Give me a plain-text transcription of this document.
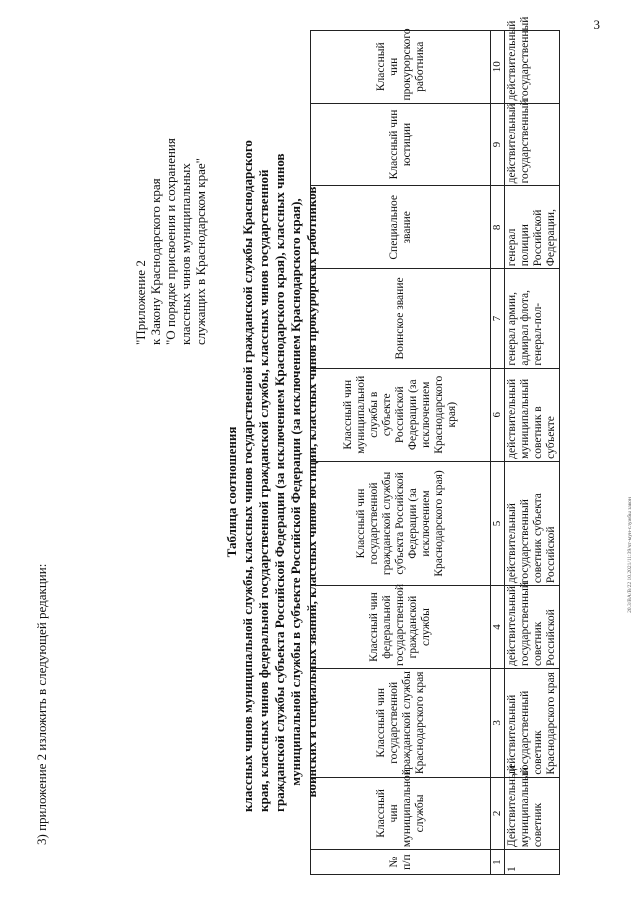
3
20.3/BA/B/22 10.2021/11:39/чт-мун-службы закон
3) приложение 2 изложить в следующей редакции:
"Приложение 2 к Закону Краснодарского края "О порядке присвоения и сохранения классных чинов муниципальных служащих в Краснодарском крае"
Таблица соотношения классных чинов муниципальной службы, классных чинов государственной гражданской службы Краснодарского края, классных чинов федеральной государственной гражданской службы, классных чинов государственной гражданской службы субъекта Российской Федерации (за исключением Краснодарского края), классных чинов муниципальной службы в субъекте Российской Федерации (за исключением Краснодарского края), воинских и специальных званий, классных чинов юстиции, классных чинов прокурорских работников
№ п/п	Классный чин муниципальной службы	Классный чин государственной гражданской службы Краснодарского края	Классный чин федеральной государственной гражданской службы	Классный чин государственной гражданской службы субъекта Российской Федерации (за исключением Краснодарского края)	Классный чин муниципальной службы в субъекте Российской Федерации (за исключением Краснодарского края)	Воинское звание	Специальное звание	Классный чин юстиции	Классный чин прокурорского работника
1	2	3	4	5	6	7	8	9	10
1	Действительный муниципальный советник	действительный государственный советник Краснодарского края	действительный государственный советник Российской	действительный государственный советник субъекта Российской	действительный муниципальный советник в субъекте	генерал армии, адмирал флота, генерал-пол-	генерал полиции Российской Федерации,	действительный государственный	действительный государственный
